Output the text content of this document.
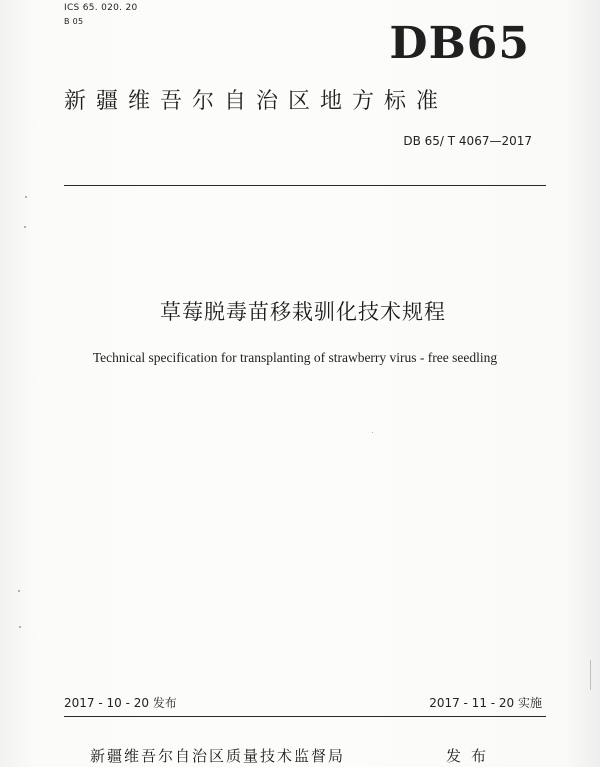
ICS 65. 020. 20
B 05	DB65
新疆维吾尔自治区地方标准
DB 65/ T 4067—2017
草莓脱毒苗移栽驯化技术规程
Technical specification for transplanting of strawberry virus - free seedling
2017 - 10 - 20 发布	2017 - 11 - 20 实施
新疆维吾尔自治区质量技术监督局	发布
